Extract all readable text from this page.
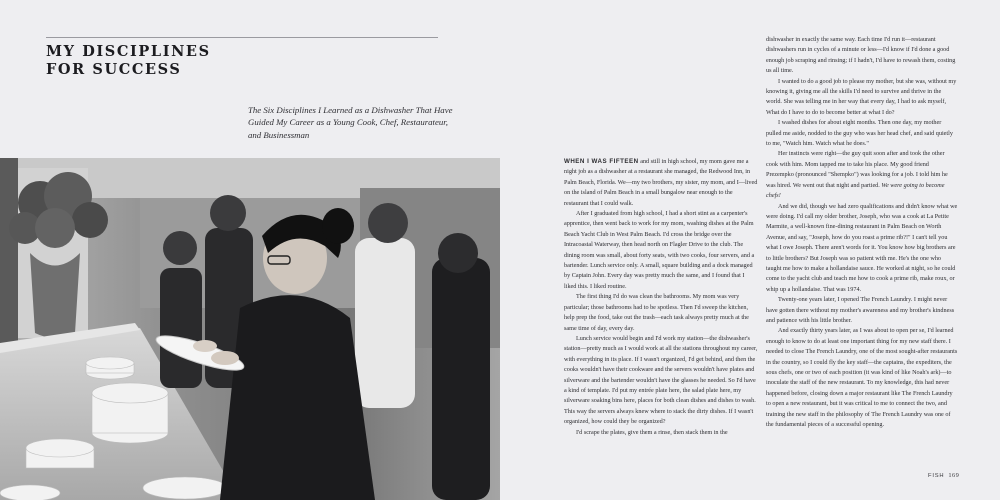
MY DISCIPLINES
FOR SUCCESS

The Six Disciplines I Learned as a Dishwasher That Have Guided My Career as a Young Cook, Chef, Restaurateur, and Businessman

WHEN I WAS FIFTEEN and still in high school, my mom gave me a night job as a dishwasher at a restaurant she managed, the Redwood Inn, in Palm Beach, Florida. We—my two brothers, my sister, my mom, and I—lived on the island of Palm Beach in a small bungalow near enough to the restaurant that I could walk.

After I graduated from high school, I had a short stint as a carpenter's apprentice, then went back to work for my mom, washing dishes at the Palm Beach Yacht Club in West Palm Beach. I'd cross the bridge over the Intracoastal Waterway, then head north on Flagler Drive to the club. The dining room was small, about forty seats, with two cooks, four servers, and a bartender. Lunch service only. A small, square building and a dock managed by Captain John. Every day was pretty much the same, and I found that I liked this. I liked routine.

The first thing I'd do was clean the bathrooms. My mom was very particular; those bathrooms had to be spotless. Then I'd sweep the kitchen, help prep the food, take out the trash—each task always pretty much at the same time of day, every day.

Lunch service would begin and I'd work my station—the dishwasher's station—pretty much as I would work at all the stations throughout my career, with everything in its place. If I wasn't organized, I'd get behind, and then the cooks wouldn't have their cookware and the servers wouldn't have plates and silverware and the bartender wouldn't have the glasses he needed. So I'd have a kind of template. I'd put my entrée plate here, the salad plate here, my silverware soaking bins here, places for both clean dishes and dishes to wash. This way the servers always knew where to stack the dirty dishes. If I wasn't organized, how could they be organized?

I'd scrape the plates, give them a rinse, then stack them in the

dishwasher in exactly the same way. Each time I'd run it—restaurant dishwashers run in cycles of a minute or less—I'd know if I'd done a good enough job scraping and rinsing; if I hadn't, I'd have to rewash them, costing us all time.

I wanted to do a good job to please my mother, but she was, without my knowing it, giving me all the skills I'd need to survive and thrive in the world. She was telling me in her way that every day, I had to ask myself, What do I have to do to become better at what I do?

I washed dishes for about eight months. Then one day, my mother pulled me aside, nodded to the guy who was her head chef, and said quietly to me, "Watch him. Watch what he does."

Her instincts were right—the guy quit soon after and took the other cook with him. Mom tapped me to take his place. My good friend Prezempko (pronounced "Shempko") was looking for a job. I told him he was hired. We went out that night and partied. We were going to become chefs!

And we did, though we had zero qualifications and didn't know what we were doing. I'd call my older brother, Joseph, who was a cook at La Petite Marmite, a well-known fine-dining restaurant in Palm Beach on Worth Avenue, and say, "Joseph, how do you roast a prime rib?!" I can't tell you what I owe Joseph. There aren't words for it. You know how big brothers are to little brothers? But Joseph was so patient with me. He's the one who taught me how to make a hollandaise sauce. He worked at night, so he could come to the yacht club and teach me how to cook a prime rib, make roux, or whip up a hollandaise. That was 1974.

Twenty-one years later, I opened The French Laundry. I might never have gotten there without my mother's awareness and my brother's kindness and patience with his little brother.

And exactly thirty years later, as I was about to open per se, I'd learned enough to know to do at least one important thing for my new staff there. I needed to close The French Laundry, one of the most sought-after restaurants in the country, so I could fly the key staff—the captains, the expediters, the sous chefs, one or two of each position (it was kind of like Noah's ark)—to inoculate the staff of the new restaurant. To my knowledge, this had never happened before, closing down a major restaurant like The French Laundry to open a new restaurant, but it was critical to me to connect the two, and training the new staff in the philosophy of The French Laundry was one of the fundamental pieces of a successful opening.

FISH 169
